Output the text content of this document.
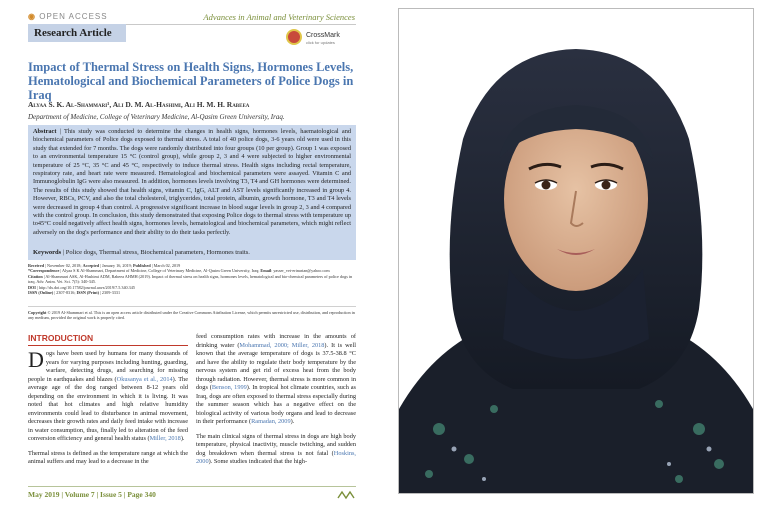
◉ OPEN ACCESS	Advances in Animal and Veterinary Sciences
Research Article	CrossMark
click for updates
Impact of Thermal Stress on Health Signs, Hormones Levels, Hematological and Biochemical Parameters of Police Dogs in Iraq
Alyaa S. K. Al-Shammari¹, Ali D. M. Al-Hashimi, Ali H. M. H. Rabeea
Department of Medicine, College of Veterinary Medicine, Al-Qasim Green University, Iraq.
Abstract | This study was conducted to determine the changes in health signs, hormones levels, haematological and biochemical parameters of Police dogs exposed to thermal stress. A total of 40 police dogs, 3-6 years old were used in this study that extended for 7 months. The dogs were randomly distributed into four groups (10 per group). Group 1 was exposed to an environmental temperature 15 °C (control group), while group 2, 3 and 4 were subjected to higher environmental temperature of 25 °C, 35 °C and 45 °C, respectively to induce thermal stress. Health signs including rectal temperature, respiratory rate, and heart rate were measured. Hematological and biochemical parameters were assayed. Vitamin C and Immunoglobulin IgG were also measured. In addition, hormones levels involving T3, T4 and GH hormones were determined. The results of this study showed that health signs, vitamin C, IgG, ALT and AST levels significantly increased in group 4. However, RBCs, PCV, and also the total cholesterol, triglycerides, total protein, albumin, growth hormone, T3 and T4 levels were decreased in group 4 than control. A progressive significant increase in blood sugar levels in group 2, 3 and 4 compared with the control group. In conclusion, this study demonstrated that exposing Police dogs to thermal stress with temperature up to45°C could negatively affect health signs, hormones levels, hematological and biochemical parameters, which might reflect adversely on the dog's performance and their ability to do their tasks perfectly.
Keywords | Police dogs, Thermal stress, Biochemical parameters, Hormones traits.
Received | November 02, 2018; Accepted | January 16, 2019; Published | March 02, 2019
*Correspondence | Alyaa S K Al-Shammari, Department of Medicine, College of Veterinary Medicine, Al-Qasim Green University, Iraq; Email: yasser_vet-erinarian@yahoo.com
Citation | Al-Shammari ASK, Al-Hashimi ADM, Rabeea AHMH (2019). Impact of thermal stress on health signs, hormones levels, hematological and bio-chemical parameters of police dogs in iraq. Adv. Anim. Vet. Sci. 7(5): 340-345.
DOI | http://dx.doi.org/10.17582/journal.aavs/2019/7.5.340.345
ISSN (Online) | 2307-8316; ISSN (Print) | 2309-3331
Copyright © 2019 Al-Shammari et al. This is an open access article distributed under the Creative Commons Attribution License, which permits unrestricted use, distribution, and reproduction in any medium, provided the original work is properly cited.
INTRODUCTION

Dogs have been used by humans for many thousands of years for varying purposes including hunting, guarding, warfare, detecting drugs, and searching for missing people in earthquakes and blazes (Okusanya et al., 2014). The average age of the dog ranged between 8-12 years old depending on the environment in which it is living. It was noted that hot climates and high relative humidity environments could lead to disturbance in animal movement, decreases their growth rates and daily feed intake with increase in water consumption, thus, finally led to alteration of the feed conversion efficiency and general health status (Miller, 2018).

Thermal stress is defined as the temperature range at which the animal suffers and may lead to a decrease in the

feed consumption rates with increase in the amounts of drinking water (Mohammad, 2000; Miller, 2018). It is well known that the average temperature of dogs is 37.5-38.8 °C and have the ability to regulate their body temperature by the nervous system and get rid of excess heat from the body through radiation. However, thermal stress is more common in dogs (Benson, 1999). In tropical hot climate countries, such as Iraq, dogs are often exposed to thermal stress especially during the summer season which has a negative effect on the biological activity of various body organs and lead to decrease in their performance (Ramadan, 2009).

The main clinical signs of thermal stress in dogs are high body temperature, physical inactivity, muscle twitching, and sudden dog breakdown when thermal stress is not fatal (Hoskins, 2000). Some studies indicated that the high-

May 2019 | Volume 7 | Issue 5 | Page 340
